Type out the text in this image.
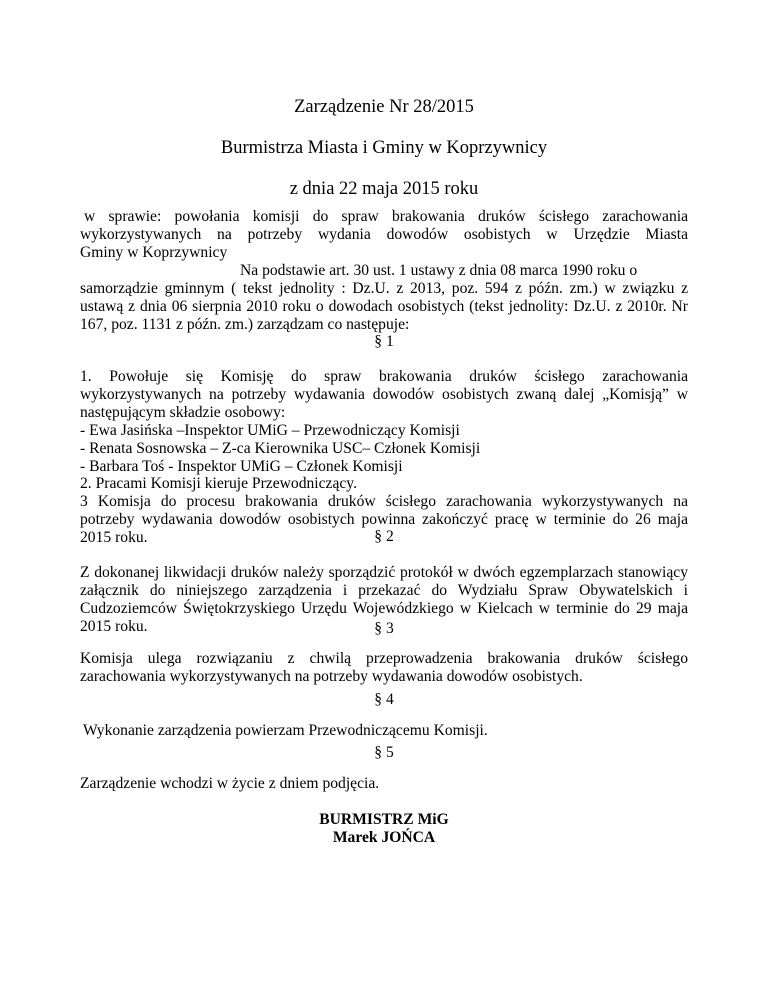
Zarządzenie Nr 28/2015
Burmistrza Miasta i Gminy w Koprzywnicy
z dnia 22 maja 2015 roku
w sprawie: powołania komisji do spraw brakowania druków ścisłego zarachowania
wykorzystywanych na potrzeby wydania dowodów osobistych w Urzędzie Miasta
Gminy w Koprzywnicy
Na podstawie art. 30 ust. 1 ustawy z dnia 08 marca 1990 roku o
samorządzie gminnym ( tekst jednolity : Dz.U. z 2013, poz. 594 z późn. zm.) w związku z ustawą z dnia 06 sierpnia 2010 roku o dowodach osobistych (tekst jednolity: Dz.U. z 2010r. Nr 167, poz. 1131 z późn. zm.) zarządzam co następuje:
§ 1
1. Powołuje się Komisję do spraw brakowania druków ścisłego zarachowania
wykorzystywanych na potrzeby wydawania dowodów osobistych zwaną dalej „Komisją” w
następującym składzie osobowy:
- Ewa Jasińska –Inspektor UMiG – Przewodniczący Komisji
- Renata Sosnowska – Z-ca Kierownika USC– Członek Komisji
- Barbara Toś - Inspektor UMiG – Członek Komisji
2. Pracami Komisji kieruje Przewodniczący.
3 Komisja do procesu brakowania druków ścisłego zarachowania wykorzystywanych na potrzeby wydawania dowodów osobistych powinna zakończyć pracę w terminie do 26 maja 2015 roku.	§ 2
Z dokonanej likwidacji druków należy sporządzić protokół w dwóch egzemplarzach stanowiący załącznik do niniejszego zarządzenia i przekazać do Wydziału Spraw Obywatelskich i Cudzoziemców Świętokrzyskiego Urzędu Wojewódzkiego w Kielcach w terminie do 29 maja 2015 roku.	§ 3
Komisja ulega rozwiązaniu z chwilą przeprowadzenia brakowania druków ścisłego zarachowania wykorzystywanych na potrzeby wydawania dowodów osobistych.
§ 4
Wykonanie zarządzenia powierzam Przewodniczącemu Komisji.
§ 5
Zarządzenie wchodzi w życie z dniem podjęcia.
BURMISTRZ MiG
Marek JOŃCA
